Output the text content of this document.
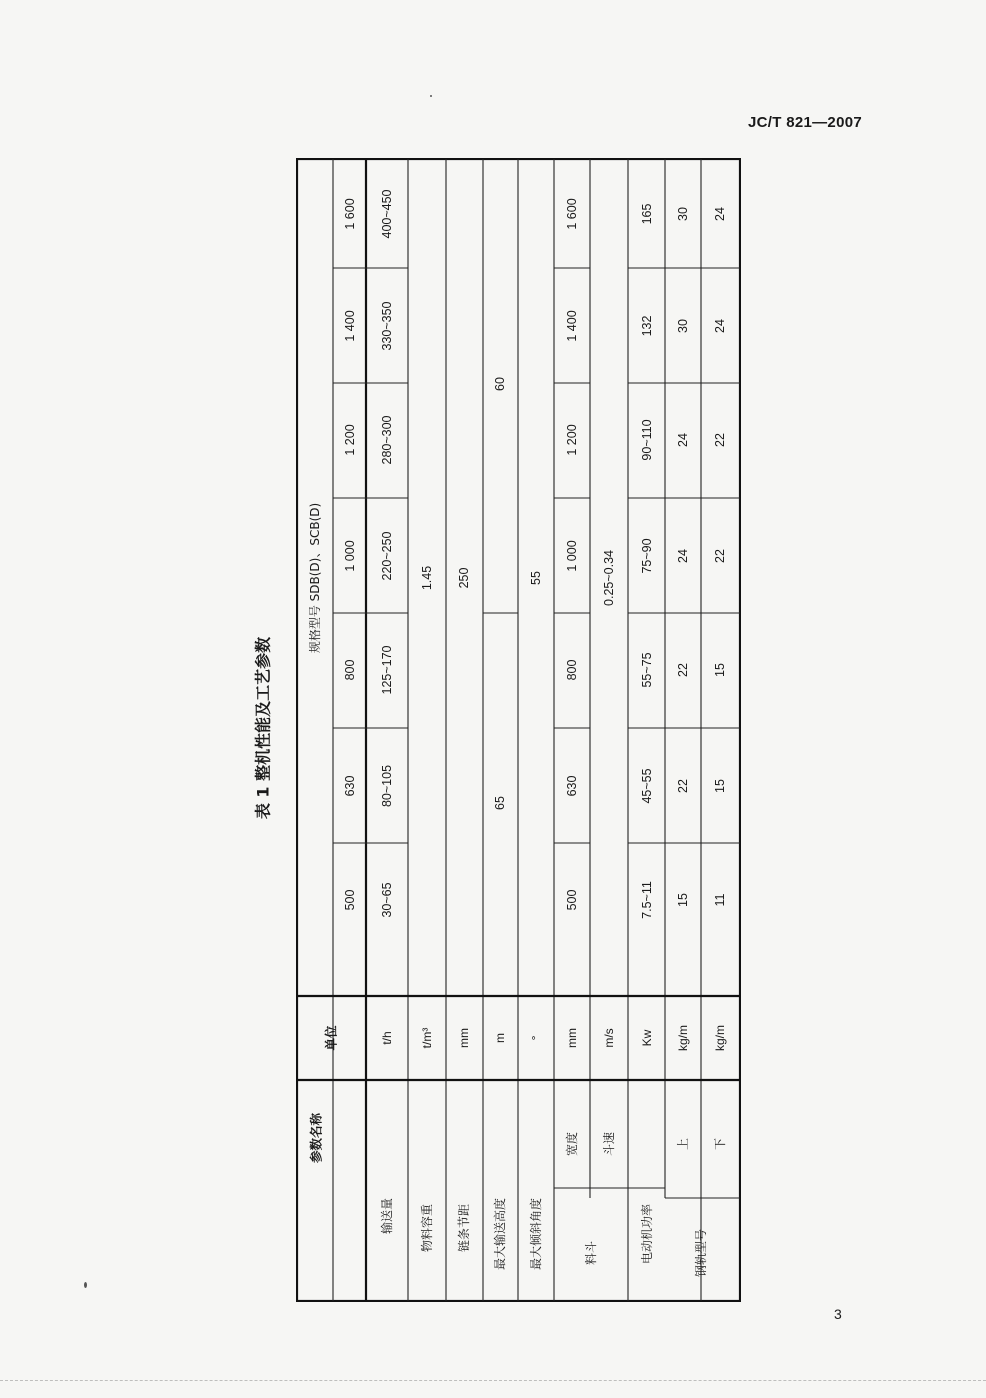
JC/T 821—2007
表 1 整机性能及工艺参数
参数名称
单位
规格型号 SDB(D)、SCB(D)
500
630
800
1 000
1 200
1 400
1 600
输送量
t/h
30~65
80~105
125~170
220~250
280~300
330~350
400~450
物料容重
t/m³
1.45
链条节距
mm
250
最大输送高度
m
65
60
最大倾斜角度
°
55
料斗
宽度
mm
500
630
800
1 000
1 200
1 400
1 600
斗速
m/s
0.25~0.34
电动机功率
Kw
7.5~11
45~55
55~75
75~90
90~110
132
165
钢轨型号
上
kg/m
15
22
22
24
24
30
30
下
kg/m
11
15
15
22
22
24
24
3
